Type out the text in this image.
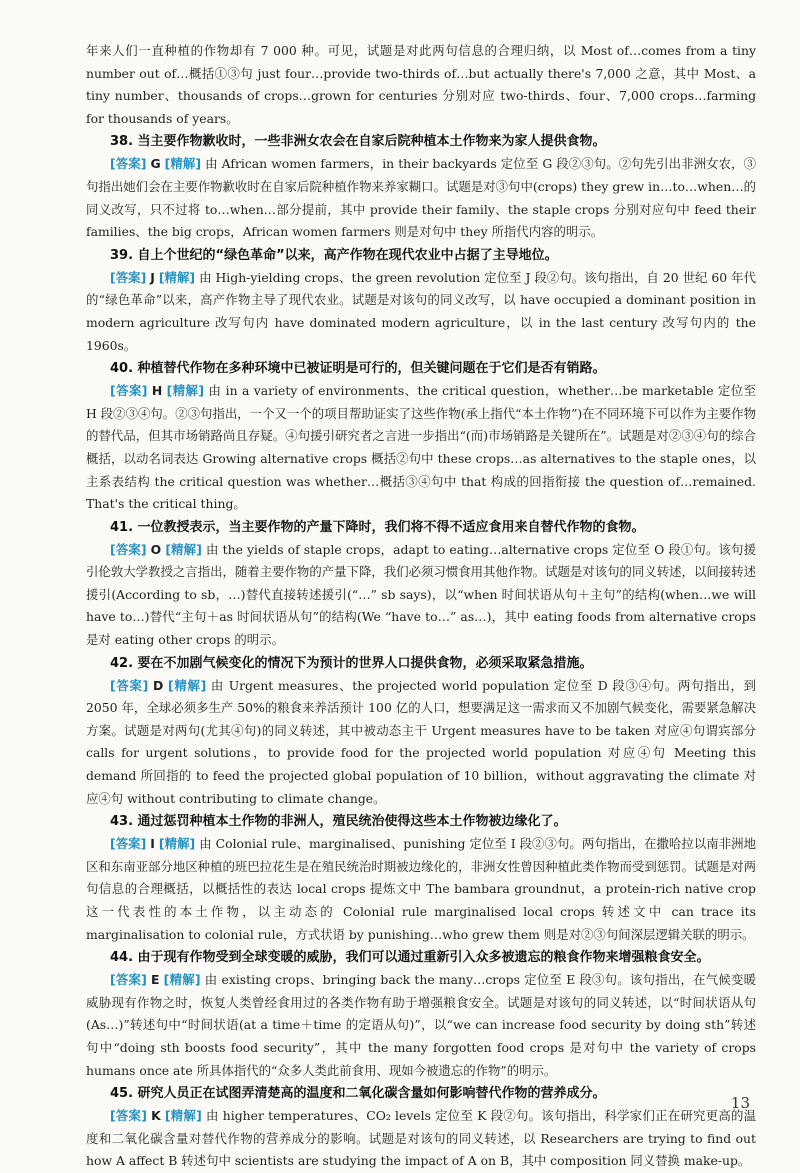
年来人们一直种植的作物却有 7 000 种。可见，试题是对此两句信息的合理归纳，以 Most of…comes from a tiny number out of…概括①③句 just four…provide two-thirds of…but actually there's 7,000 之意，其中 Most、a tiny number、thousands of crops…grown for centuries 分别对应 two-thirds、four、7,000 crops…farming for thousands of years。

38. 当主要作物歉收时，一些非洲女农会在自家后院种植本土作物来为家人提供食物。

[答案] G [精解] 由 African women farmers，in their backyards 定位至 G 段②③句。②句先引出非洲女农，③句指出她们会在主要作物歉收时在自家后院种植作物来养家糊口。试题是对③句中(crops) they grew in…to…when…的同义改写，只不过将 to…when…部分提前，其中 provide their family、the staple crops 分别对应句中 feed their families、the big crops，African women farmers 则是对句中 they 所指代内容的明示。

39. 自上个世纪的“绿色革命”以来，高产作物在现代农业中占据了主导地位。

[答案] J [精解] 由 High-yielding crops、the green revolution 定位至 J 段②句。该句指出，自 20 世纪 60 年代的“绿色革命”以来，高产作物主导了现代农业。试题是对该句的同义改写，以 have occupied a dominant position in modern agriculture 改写句内 have dominated modern agriculture，以 in the last century 改写句内的 the 1960s。

40. 种植替代作物在多种环境中已被证明是可行的，但关键问题在于它们是否有销路。

[答案] H [精解] 由 in a variety of environments、the critical question，whether…be marketable 定位至 H 段②③④句。②③句指出，一个又一个的项目帮助证实了这些作物(承上指代“本土作物”)在不同环境下可以作为主要作物的替代品，但其市场销路尚且存疑。④句援引研究者之言进一步指出“(而)市场销路是关键所在”。试题是对②③④句的综合概括，以动名词表达 Growing alternative crops 概括②句中 these crops…as alternatives to the staple ones，以主系表结构 the critical question was whether…概括③④句中 that 构成的回指衔接 the question of…remained. That's the critical thing。

41. 一位教授表示，当主要作物的产量下降时，我们将不得不适应食用来自替代作物的食物。

[答案] O [精解] 由 the yields of staple crops，adapt to eating…alternative crops 定位至 O 段①句。该句援引伦敦大学教授之言指出，随着主要作物的产量下降，我们必须习惯食用其他作物。试题是对该句的同义转述，以间接转述援引(According to sb，…)替代直接转述援引(“…” sb says)，以“when 时间状语从句＋主句”的结构(when…we will have to…)替代“主句＋as 时间状语从句”的结构(We “have to…” as…)，其中 eating foods from alternative crops 是对 eating other crops 的明示。

42. 要在不加剧气候变化的情况下为预计的世界人口提供食物，必须采取紧急措施。

[答案] D [精解] 由 Urgent measures、the projected world population 定位至 D 段③④句。两句指出，到 2050 年，全球必须多生产 50%的粮食来养活预计 100 亿的人口，想要满足这一需求而又不加剧气候变化，需要紧急解决方案。试题是对两句(尤其④句)的同义转述，其中被动态主干 Urgent measures have to be taken 对应④句谓宾部分 calls for urgent solutions，to provide food for the projected world population 对应④句 Meeting this demand 所回指的 to feed the projected global population of 10 billion，without aggravating the climate 对应④句 without contributing to climate change。

43. 通过惩罚种植本土作物的非洲人，殖民统治使得这些本土作物被边缘化了。

[答案] I [精解] 由 Colonial rule、marginalised、punishing 定位至 I 段②③句。两句指出，在撒哈拉以南非洲地区和东南亚部分地区种植的班巴拉花生是在殖民统治时期被边缘化的，非洲女性曾因种植此类作物而受到惩罚。试题是对两句信息的合理概括，以概括性的表达 local crops 提炼文中 The bambara groundnut，a protein-rich native crop 这一代表性的本土作物，以主动态的 Colonial rule marginalised local crops 转述文中 can trace its marginalisation to colonial rule，方式状语 by punishing…who grew them 则是对②③句间深层逻辑关联的明示。

44. 由于现有作物受到全球变暖的威胁，我们可以通过重新引入众多被遗忘的粮食作物来增强粮食安全。

[答案] E [精解] 由 existing crops、bringing back the many…crops 定位至 E 段③句。该句指出，在气候变暖威胁现有作物之时，恢复人类曾经食用过的各类作物有助于增强粮食安全。试题是对该句的同义转述，以“时间状语从句(As…)”转述句中“时间状语(at a time＋time 的定语从句)”，以“we can increase food security by doing sth”转述句中“doing sth boosts food security”，其中 the many forgotten food crops 是对句中 the variety of crops humans once ate 所具体指代的“众多人类此前食用、现如今被遗忘的作物”的明示。

45. 研究人员正在试图弄清楚高的温度和二氧化碳含量如何影响替代作物的营养成分。

[答案] K [精解] 由 higher temperatures、CO₂ levels 定位至 K 段②句。该句指出，科学家们正在研究更高的温度和二氧化碳含量对替代作物的营养成分的影响。试题是对该句的同义转述，以 Researchers are trying to find out how A affect B 转述句中 scientists are studying the impact of A on B，其中 composition 同义替换 make-up。

13
